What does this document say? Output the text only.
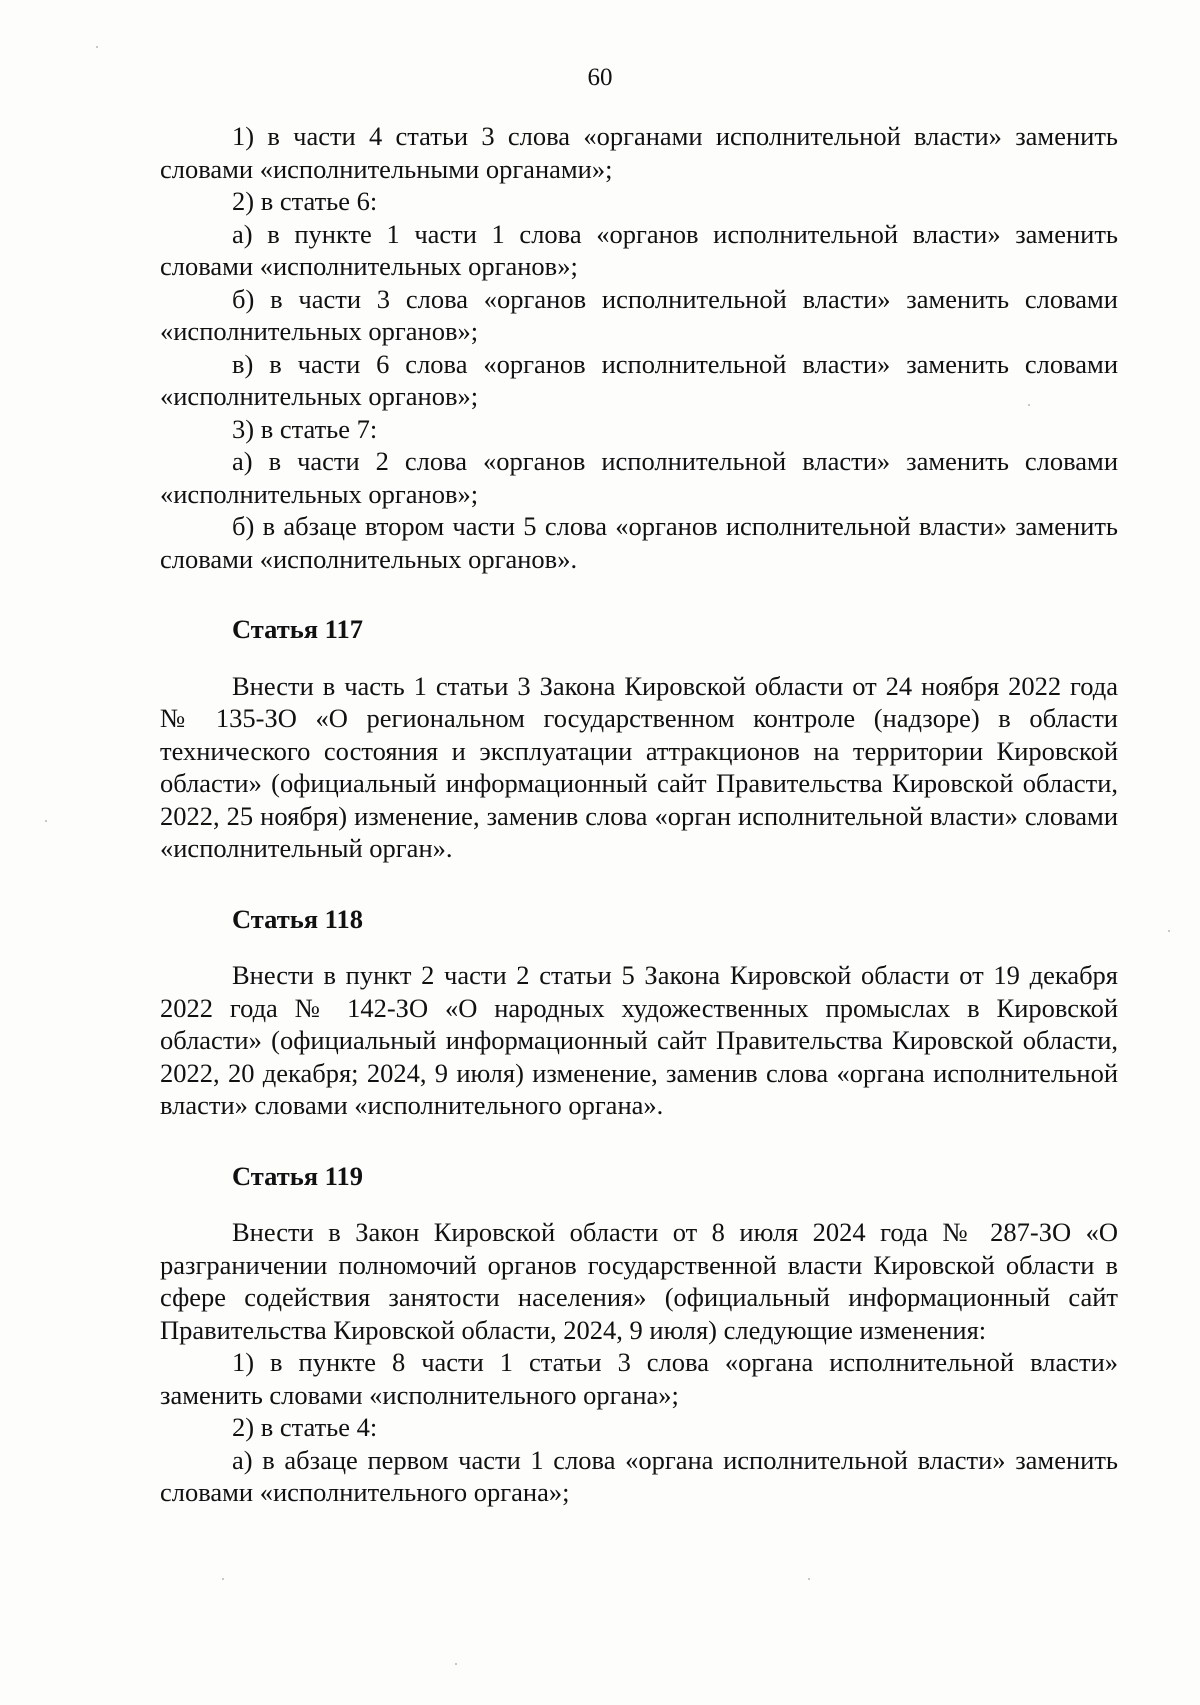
60

1) в части 4 статьи 3 слова «органами исполнительной власти» заменить словами «исполнительными органами»;

2) в статье 6:

а) в пункте 1 части 1 слова «органов исполнительной власти» заменить словами «исполнительных органов»;

б) в части 3 слова «органов исполнительной власти» заменить словами «исполнительных органов»;

в) в части 6 слова «органов исполнительной власти» заменить словами «исполнительных органов»;

3) в статье 7:

а) в части 2 слова «органов исполнительной власти» заменить словами «исполнительных органов»;

б) в абзаце втором части 5 слова «органов исполнительной власти» заменить словами «исполнительных органов».

Статья 117

Внести в часть 1 статьи 3 Закона Кировской области от 24 ноября 2022 года № 135-ЗО «О региональном государственном контроле (надзоре) в области технического состояния и эксплуатации аттракционов на территории Кировской области» (официальный информационный сайт Правительства Кировской области, 2022, 25 ноября) изменение, заменив слова «орган исполнительной власти» словами «исполнительный орган».

Статья 118

Внести в пункт 2 части 2 статьи 5 Закона Кировской области от 19 декабря 2022 года № 142-ЗО «О народных художественных промыслах в Кировской области» (официальный информационный сайт Правительства Кировской области, 2022, 20 декабря; 2024, 9 июля) изменение, заменив слова «органа исполнительной власти» словами «исполнительного органа».

Статья 119

Внести в Закон Кировской области от 8 июля 2024 года № 287-ЗО «О разграничении полномочий органов государственной власти Кировской области в сфере содействия занятости населения» (официальный информационный сайт Правительства Кировской области, 2024, 9 июля) следующие изменения:

1) в пункте 8 части 1 статьи 3 слова «органа исполнительной власти» заменить словами «исполнительного органа»;

2) в статье 4:

а) в абзаце первом части 1 слова «органа исполнительной власти» заменить словами «исполнительного органа»;
